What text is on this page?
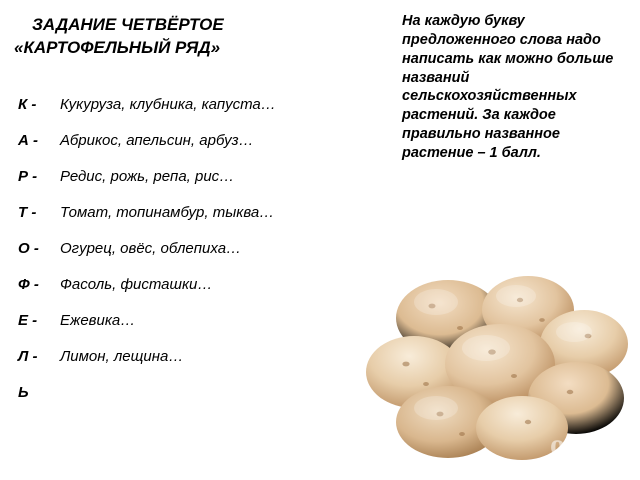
ЗАДАНИЕ ЧЕТВЁРТОЕ
«КАРТОФЕЛЬНЫЙ РЯД»
На каждую букву предложенного слова надо написать как можно больше названий сельскохозяйственных растений. За каждое правильно названное растение – 1 балл.
К -	Кукуруза, клубника, капуста…
А -	Абрикос, апельсин, арбуз…
Р -	Редис, рожь, репа, рис…
Т -	Томат, топинамбур, тыква…
О -	Огурец, овёс, облепиха…
Ф -	Фасоль, фисташки…
Е -	Ежевика…
Л -	Лимон, лещина…
Ь
ot4W
